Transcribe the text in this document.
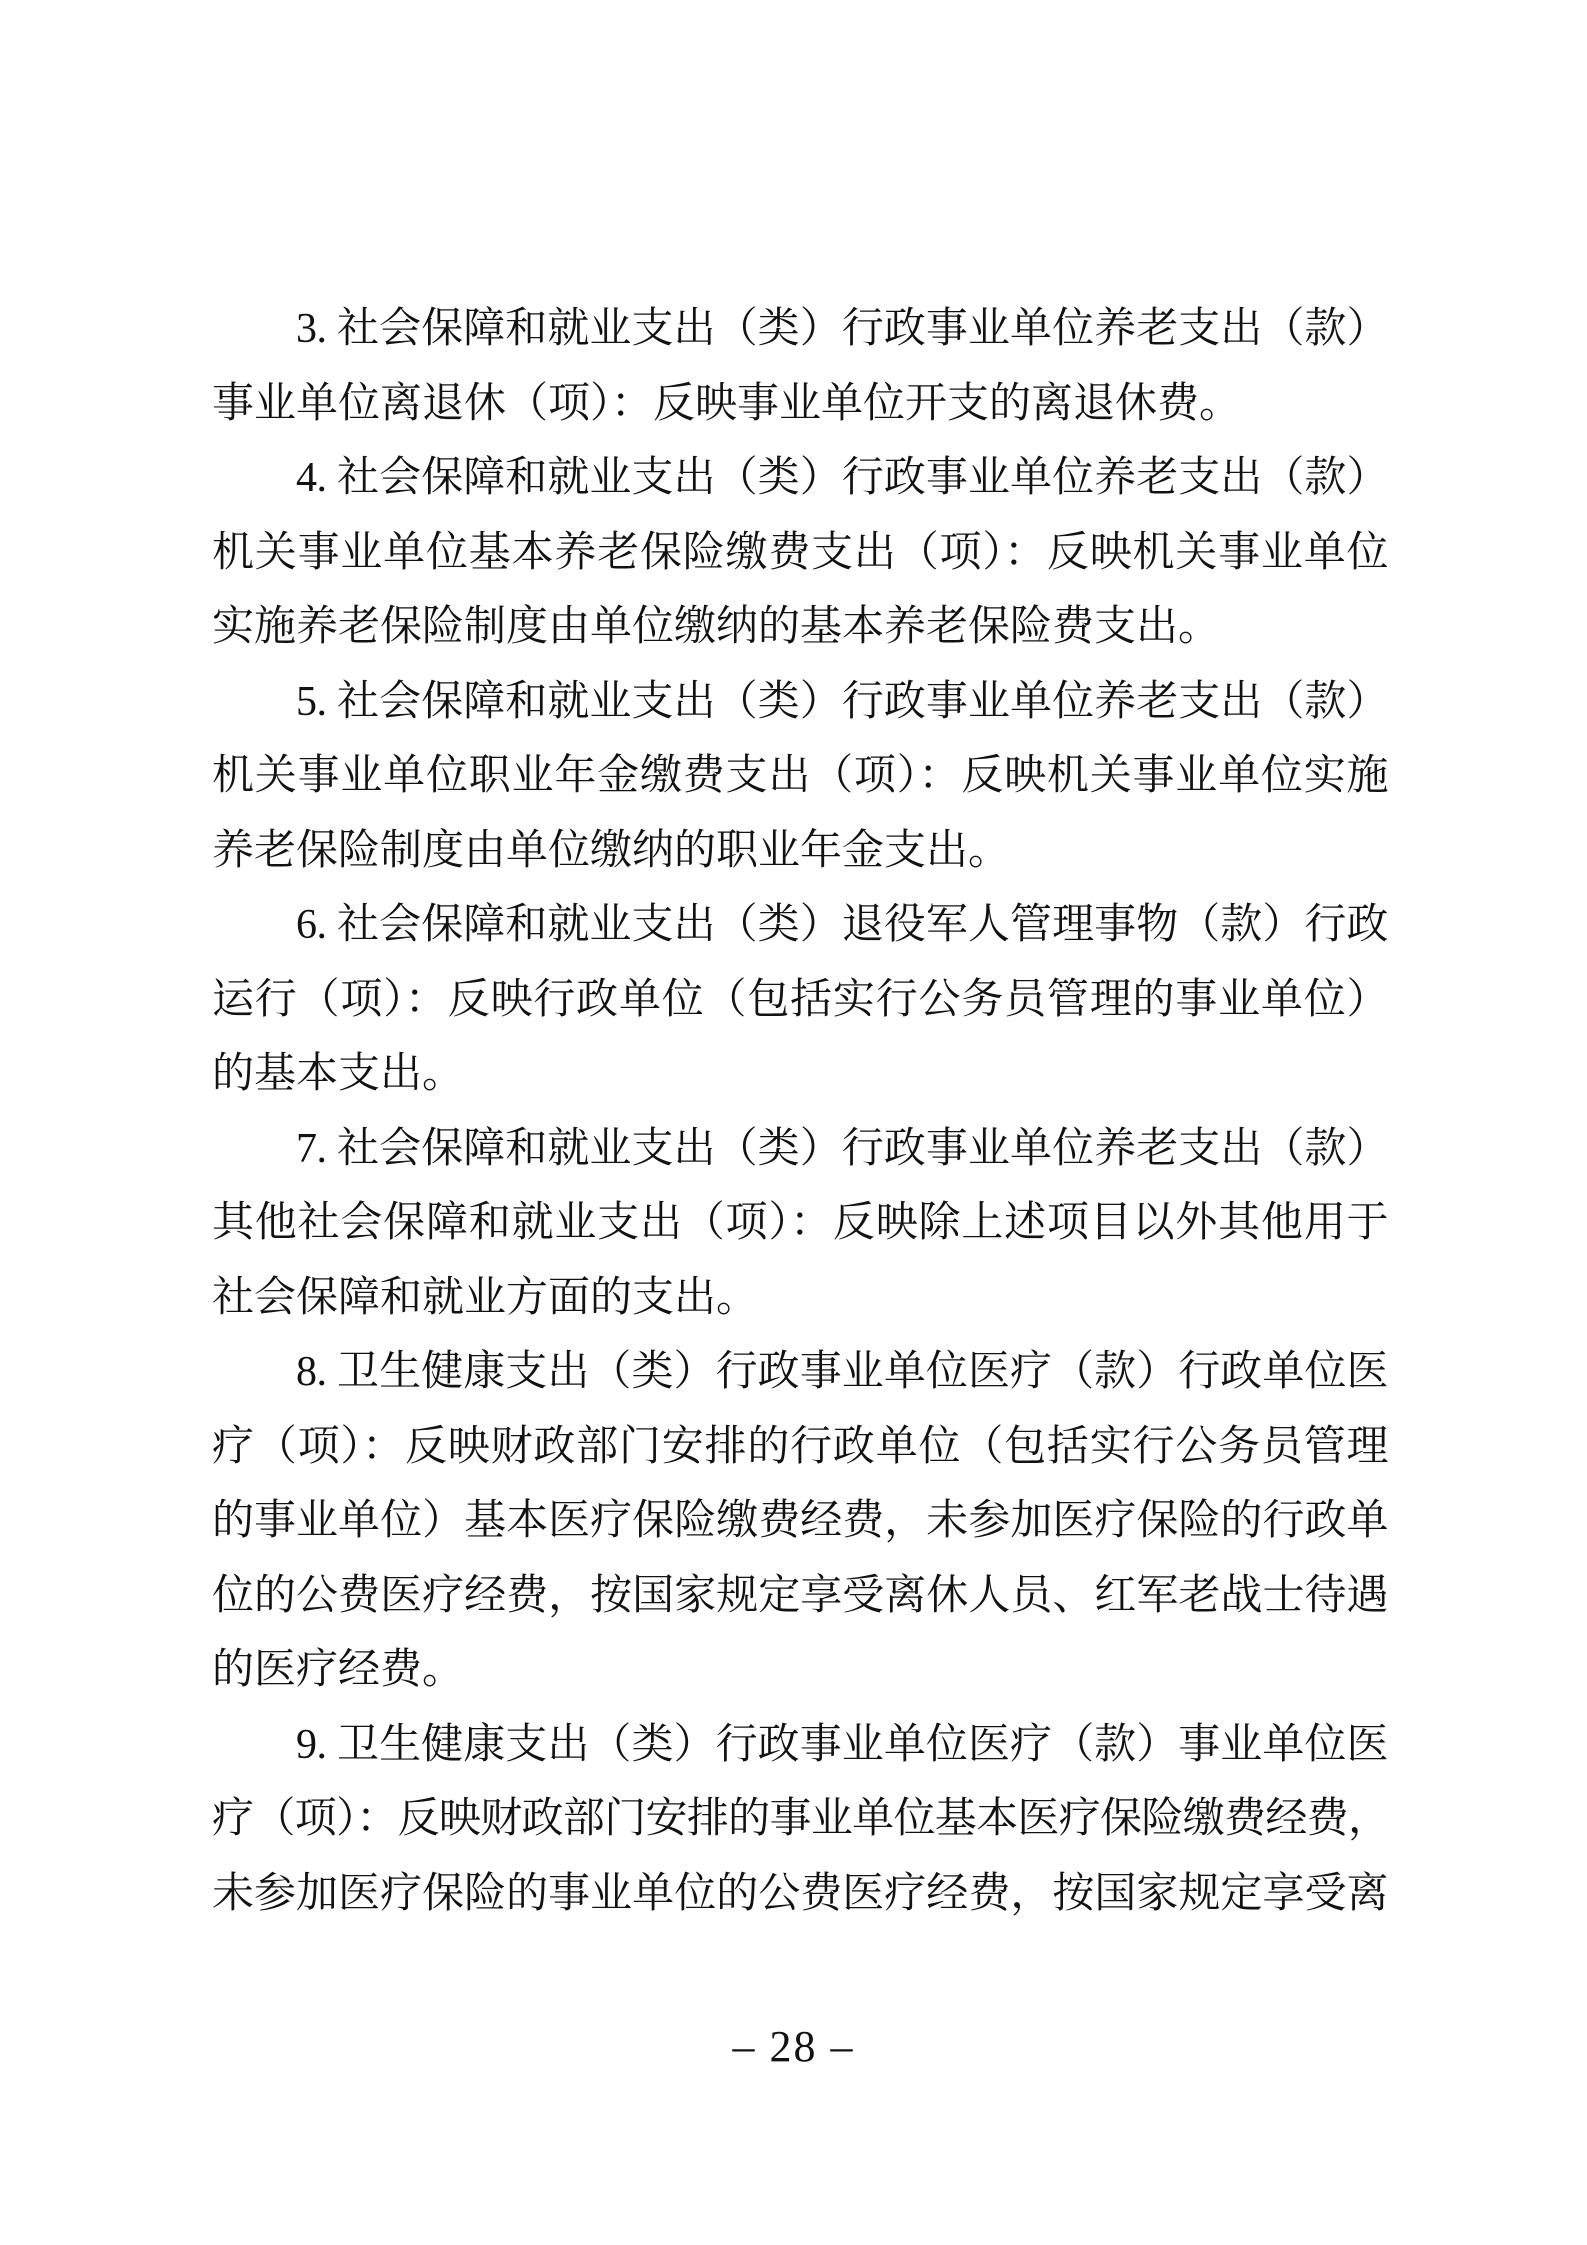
3. 社会保障和就业支出（类）行政事业单位养老支出（款）
事业单位离退休（项）：反映事业单位开支的离退休费。
4. 社会保障和就业支出（类）行政事业单位养老支出（款）
机关事业单位基本养老保险缴费支出（项）：反映机关事业单位
实施养老保险制度由单位缴纳的基本养老保险费支出。
5. 社会保障和就业支出（类）行政事业单位养老支出（款）
机关事业单位职业年金缴费支出（项）：反映机关事业单位实施
养老保险制度由单位缴纳的职业年金支出。
6. 社会保障和就业支出（类）退役军人管理事物（款）行政
运行（项）：反映行政单位（包括实行公务员管理的事业单位）
的基本支出。
7. 社会保障和就业支出（类）行政事业单位养老支出（款）
其他社会保障和就业支出（项）：反映除上述项目以外其他用于
社会保障和就业方面的支出。
8. 卫生健康支出（类）行政事业单位医疗（款）行政单位医
疗（项）：反映财政部门安排的行政单位（包括实行公务员管理
的事业单位）基本医疗保险缴费经费，未参加医疗保险的行政单
位的公费医疗经费，按国家规定享受离休人员、红军老战士待遇
的医疗经费。
9. 卫生健康支出（类）行政事业单位医疗（款）事业单位医
疗（项）：反映财政部门安排的事业单位基本医疗保险缴费经费，
未参加医疗保险的事业单位的公费医疗经费，按国家规定享受离
– 28 –
